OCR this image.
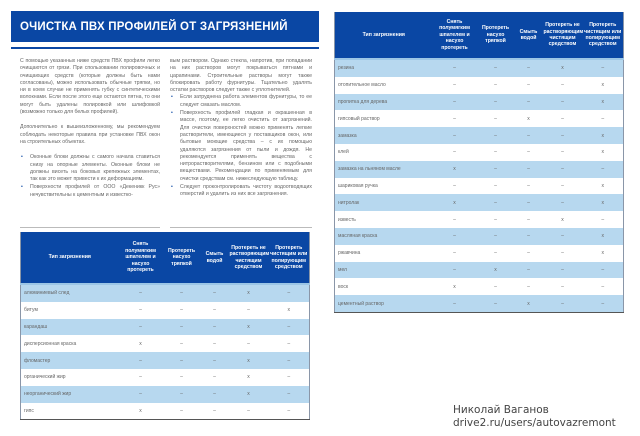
ОЧИСТКА ПВХ ПРОФИЛЕЙ ОТ ЗАГРЯЗНЕНИЙ

С помощью указанных ниже средств ПВХ профили легко очищаются от грязи. При спользовании полировочных и очищающих средств (которые должны быть нами согласованы), можно использовать обычные тряпки, но ни в коем случае не применять губку с синтетическими волокнами. Если после этого еще остаются пятна, то они могут быть удалены полировкой или шлифовкой (возможно только для белых профилей).

Дополнительно к вышеизложенному, мы рекомендуем соблюдать некоторые правила при установке ПВХ окон на строительных объектах.

• Оконные блоки должны с самого начала ставиться снизу на опорные элементы. Оконные блоки не должны висеть на боковых крепежных элементах, так как это может привести к их деформациям.
• Поверхности профилей от ООО «Декеникк Рус» нечувствительны к цементным и известко-

вым раствором. Однако стекла, напротив, при попадании на них растворов могут покрываться пятнами и царапинами. Строительные растворы могут также блокировать работу фурнитуры. Тщательно удалять остатки растворов следует также с уплотнителей.

• Если затруднена работа элементов фурнитуры, то ее следует смазать маслом.
• Поверхность профилей гладкая и окрашенная в массе, поэтому, ее легко очистить от загрязнений. Для очистки поверхностей можно применять легкие растворители, имеющиеся у поставщиков окон, или бытовые моющие средства – с их помощью удаляются загрязнения от пыли и дождя. Не рекомендуется применять вещества с нитрорастворителями, бензином или с подобными веществами. Рекомендации по применяемым для очистки средствам см. нижеследующую таблицу.
• Следует проконтролировать чистоту водоотводящих отверстий и удалить из них все загрязнения.
Тип загрязнения	Снять полумягким шпателем и насухо протереть	Протереть насухо тряпкой	Смыть водой	Протереть не растворяющим чистящим средством	Протереть чистящим или полирующим средством
алюминиевый след	–	–	–	x	–
битум	–	–	–	–	x
карандаш	–	–	–	x	–
дисперсионная краска	x	–	–	–	–
фломастер	–	–	–	x	–
органический жир	–	–	–	x	–
неорганический жир	–	–	–	x	–
гипс	x	–	–	–	–
Тип загрязнения	Снять полумягким шпателем и насухо протереть	Протереть насухо тряпкой	Смыть водой	Протереть не растворяющим чистящим средством	Протереть чистящим или полирующим средством
резина	–	–	–	x	–
отопительное масло	–	–	–	–	x
пропитка для дерева	–	–	–	–	x
гипсовый раствор	–	–	x	–	–
замазка	–	–	–	–	x
клей	–	–	–	–	x
замазка на льняном масле	x	–	–	–	–
шариковая ручка	–	–	–	–	x
нитролак	x	–	–	–	x
известь	–	–	–	x	–
масляная краска	–	–	–	–	x
ржавчина	–	–	–	–	x
мел	–	x	–	–	–
воск	x	–	–	–	–
цементный раствор	–	–	x	–	–
Николай Ваганов
drive2.ru/users/autovazremont
